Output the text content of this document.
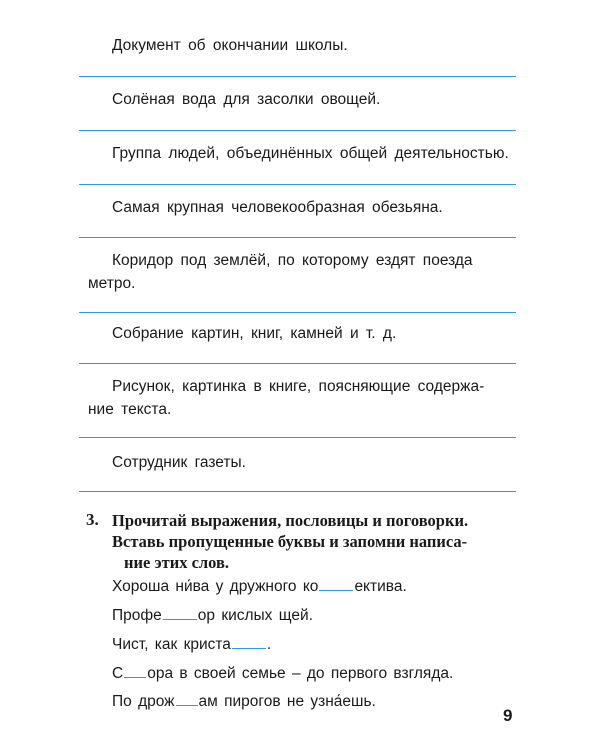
Документ об окончании школы.
Солёная вода для засолки овощей.
Группа людей, объединённых общей деятельностью.
Самая крупная человекообразная обезьяна.
Коридор под землёй, по которому ездят поезда
метро.
Собрание картин, книг, камней и т. д.
Рисунок, картинка в книге, поясняющие содержа-
ние текста.
Сотрудник газеты.
3. Прочитай выражения, пословицы и поговорки.
Вставь пропущенные буквы и запомни написа-
ние этих слов.
Хороша ни́ва у дружного ко ектива.
Профе ор кислых щей.
Чист, как криста .
С ора в своей семье – до первого взгляда.
По дрож ам пирогов не узна́ешь.
9
